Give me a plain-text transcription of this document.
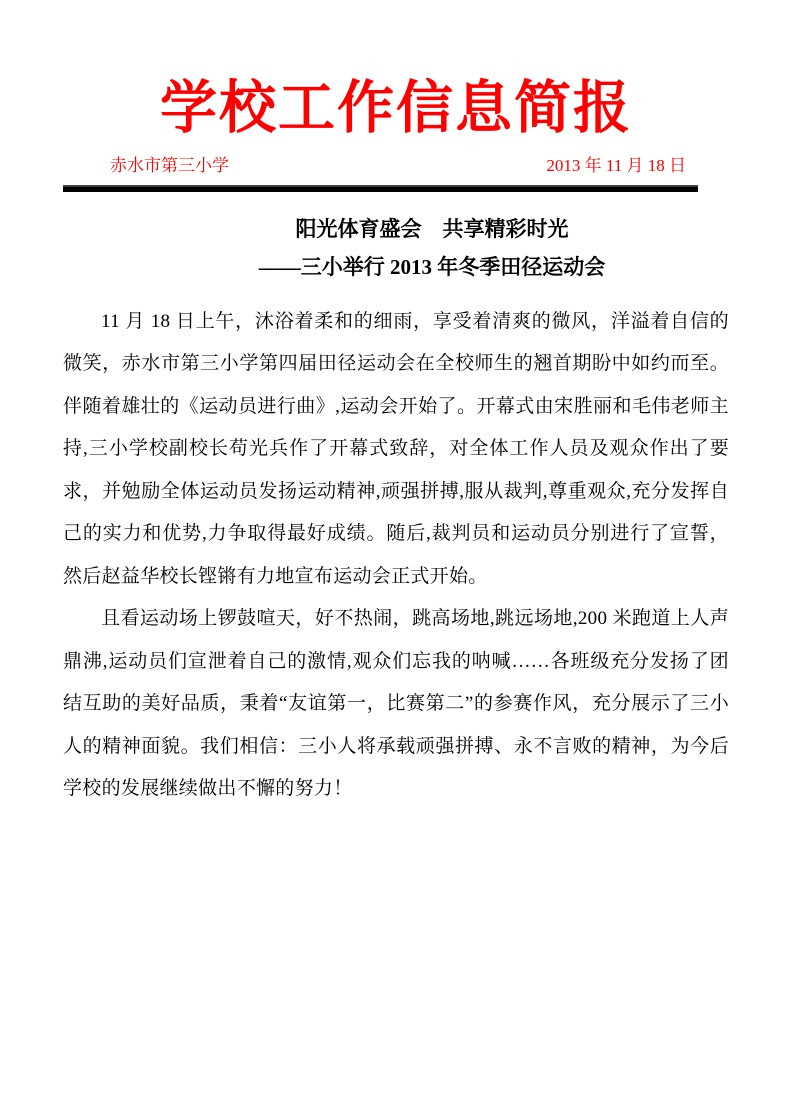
学校工作信息简报
赤水市第三小学	2013 年 11 月 18 日
阳光体育盛会　共享精彩时光
——三小举行 2013 年冬季田径运动会

11 月 18 日上午，沐浴着柔和的细雨，享受着清爽的微风，洋溢着自信的微笑，赤水市第三小学第四届田径运动会在全校师生的翘首期盼中如约而至。伴随着雄壮的《运动员进行曲》,运动会开始了。开幕式由宋胜丽和毛伟老师主持,三小学校副校长苟光兵作了开幕式致辞，对全体工作人员及观众作出了要求，并勉励全体运动员发扬运动精神,顽强拼搏,服从裁判,尊重观众,充分发挥自己的实力和优势,力争取得最好成绩。随后,裁判员和运动员分别进行了宣誓，然后赵益华校长铿锵有力地宣布运动会正式开始。

且看运动场上锣鼓喧天，好不热闹，跳高场地,跳远场地,200 米跑道上人声鼎沸,运动员们宣泄着自己的激情,观众们忘我的呐喊……各班级充分发扬了团结互助的美好品质，秉着“友谊第一，比赛第二”的参赛作风，充分展示了三小人的精神面貌。我们相信：三小人将承载顽强拼搏、永不言败的精神，为今后学校的发展继续做出不懈的努力！
